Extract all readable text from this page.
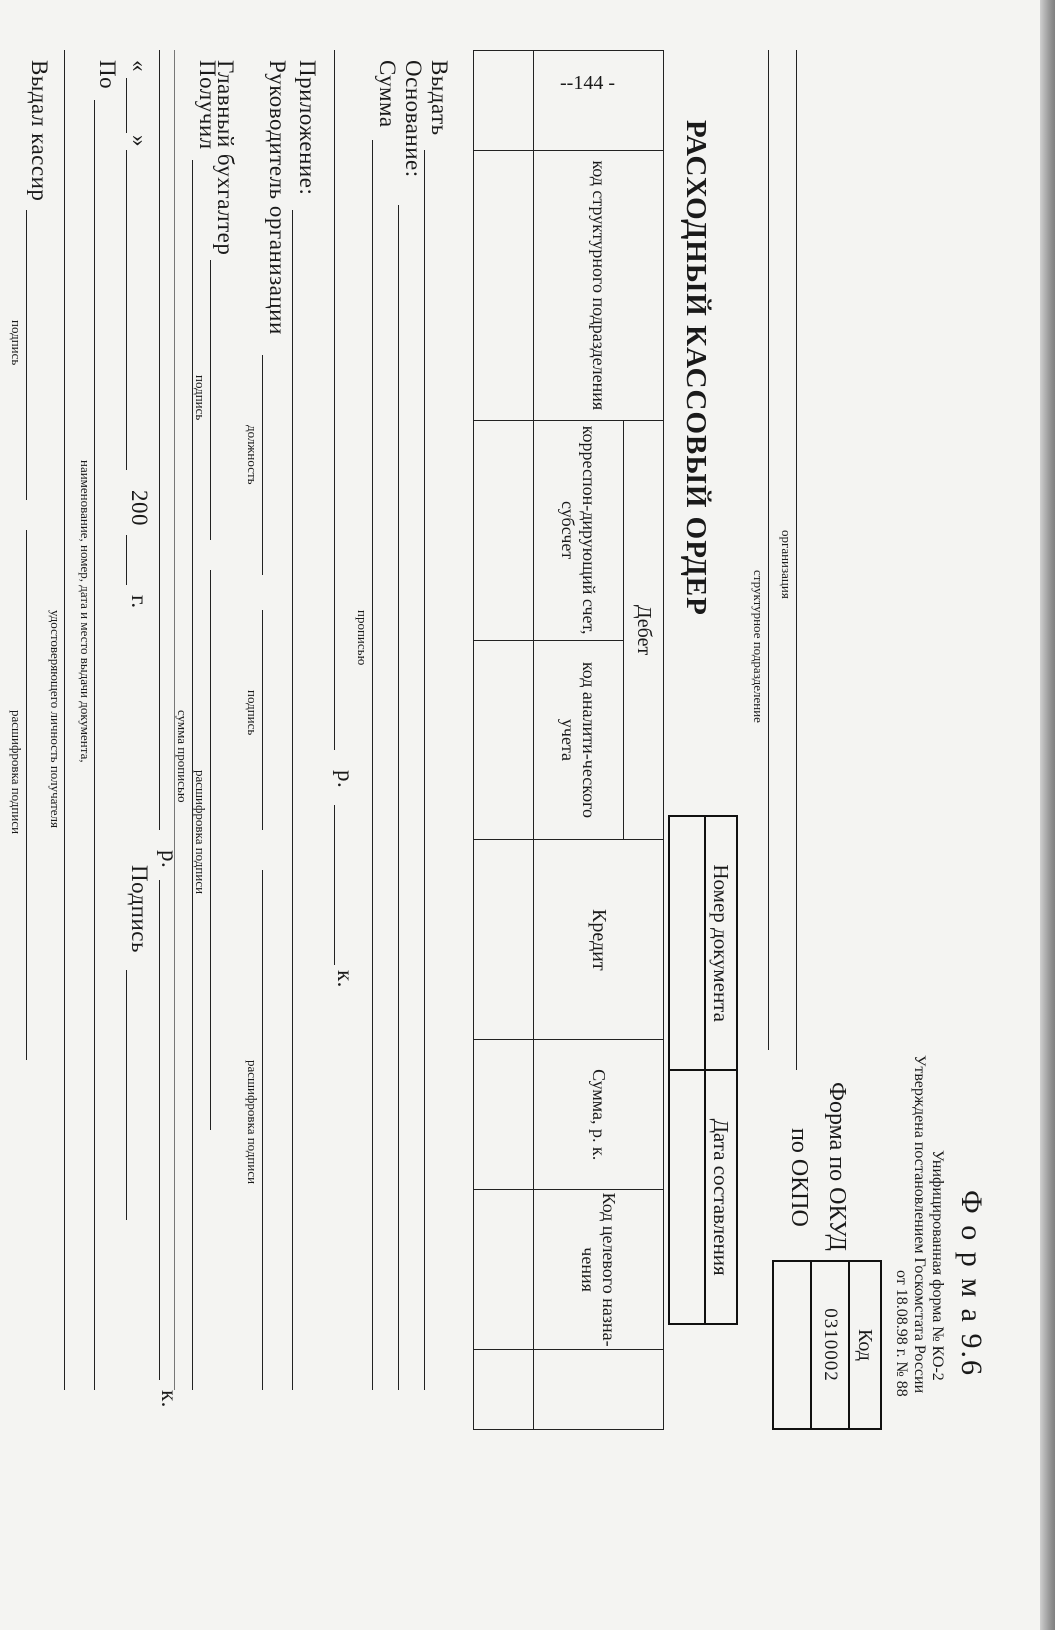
--144 -
Ф о р м а 9.6
Унифицированная форма № КО-2
Утверждена постановлением Госкомстата России
от 18.08.98 г. № 88
Код
0310002

Форма по ОКУД
по ОКПО
организация
структурное подразделение
Номер документа	Дата составления

РАСХОДНЫЙ КАССОВЫЙ ОРДЕР
	код структурного подразделения	Дебет		Кредит	Сумма, р. к.	Код целевого назна-чения	
		корреспон-дирующий счет, субсчет	код аналити-ческого учета				

Выдать
Основание:
Сумма
прописью
р.
к.
Приложение:
Руководитель организации
должность
подпись
расшифровка подписи
Главный бухгалтер
подпись
расшифровка подписи
Получил
сумма прописью
р.
к.
«
»
200
г.
Подпись
По
наименование, номер, дата и место выдачи документа,
удостоверяющего личность получателя
Выдал кассир
подпись
расшифровка подписи
